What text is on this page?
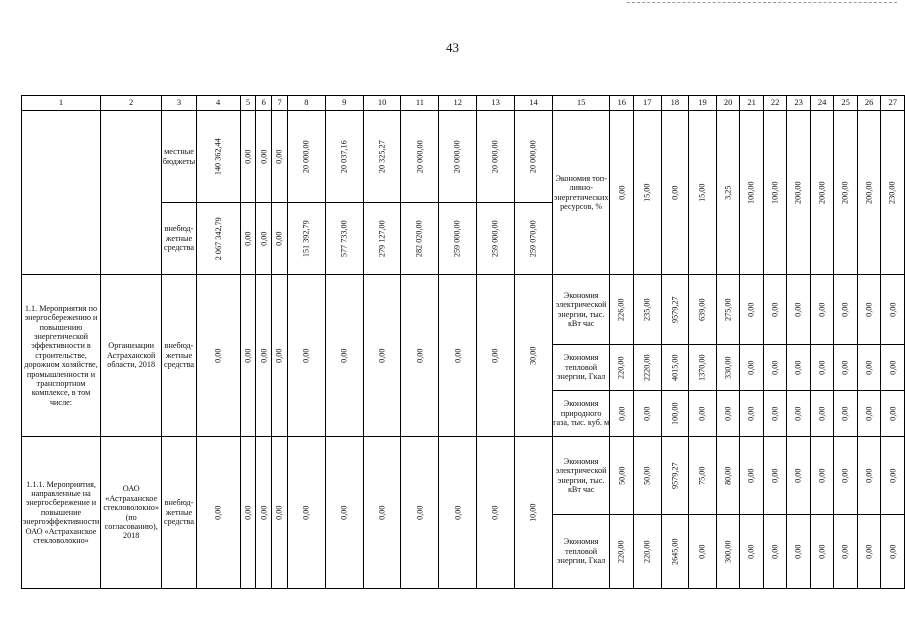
43
1	2	3	4	5	6	7	8	9	10	11	12	13	14	15	16	17	18	19	20	21	22	23	24	25	26	27
		местные бюджеты	140 362,44	0,00	0,00	0,00	20 000,00	20 037,16	20 325,27	20 000,00	20 000,00	20 000,00	20 000,00	Экономия топ-ливно-энергетических ресурсов, %	0,00	15,00	0,00	15,00	3,25	100,00	100,00	200,00	200,00	200,00	200,00	230,00
		внебюд-жетные средства	2 067 342,79	0,00	0,00	0,00	151 392,79	577 733,00	279 127,00	282 020,00	259 000,00	259 000,00	259 070,00													
1.1. Мероприятия по энергосбережению и повышению энергетической эффективности в строительстве, дорожном хозяйстве, промышленности и транспортном комплексе, в том числе:	Организации Астраханской области, 2018	внебюд-жетные средства	0,00	0,00	0,00	0,00	0,00	0,00	0,00	0,00	0,00	0,00	30,00	Экономия электрической энергии, тыс. кВт час	226,00	235,00	9579,27	639,00	275,00	0,00	0,00	0,00	0,00	0,00	0,00	0,00
														Экономия тепловой энергии, Гкал	220,00	2220,00	4015,00	1370,00	330,00	0,00	0,00	0,00	0,00	0,00	0,00	0,00
														Экономия природного газа, тыс. куб. м	0,00	0,00	100,00	0,00	0,00	0,00	0,00	0,00	0,00	0,00	0,00	0,00
1.1.1. Мероприятия, направленные на энергосбережение и повышение энергоэффективности ОАО «Астраханское стекловолокно»	ОАО «Астраханское стекловолокно» (по согласованию), 2018	внебюд-жетные средства	0,00	0,00	0,00	0,00	0,00	0,00	0,00	0,00	0,00	0,00	10,00	Экономия электрической энергии, тыс. кВт час	50,00	50,00	9579,27	75,00	80,00	0,00	0,00	0,00	0,00	0,00	0,00	0,00
														Экономия тепловой энергии, Гкал	220,00	220,00	2645,00	0,00	300,00	0,00	0,00	0,00	0,00	0,00	0,00	0,00
